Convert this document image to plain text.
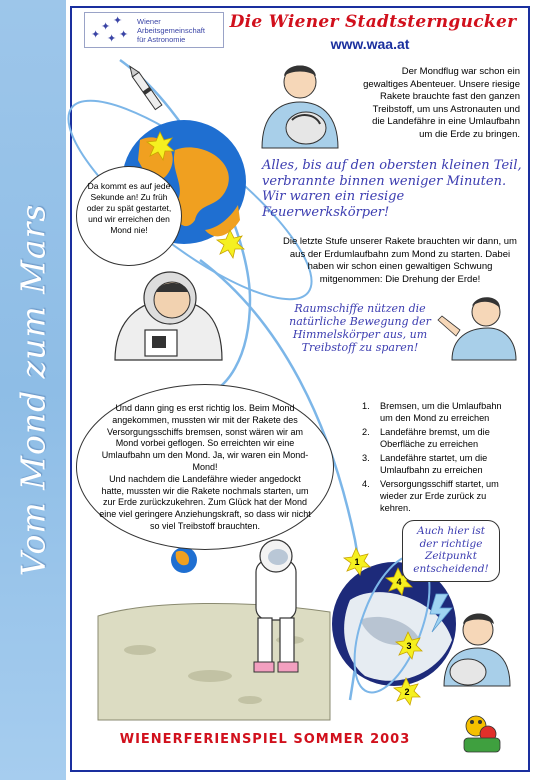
Vom Mond zum Mars	1
4
3
2
✦
✦ ✦
✦
✦
Wiener
Arbeitsgemeinschaft
für Astronomie
Die Wiener Stadtsterngucker
www.waa.at
Der Mondflug war schon ein gewaltiges Abenteuer. Unsere riesige Rakete brauchte fast den ganzen Treibstoff, um uns Astronauten und die Landefähre in eine Umlaufbahn um die Erde zu bringen.
Alles, bis auf den obersten kleinen Teil, verbrannte binnen weniger Minuten. Wir waren ein riesige Feuerwerkskörper!
Da kommt es auf jede Sekunde an! Zu früh oder zu spät gestartet, und wir erreichen den Mond nie!
Die letzte Stufe unserer Rakete brauchten wir dann, um aus der Erdumlaufbahn zum Mond zu starten. Dabei haben wir schon einen gewaltigen Schwung mitgenommen: Die Drehung der Erde!
Raumschiffe nützen die natürliche Bewegung der Himmelskörper aus, um Treibstoff zu sparen!
Und dann ging es erst richtig los. Beim Mond angekommen, mussten wir mit der Rakete des Versorgungsschiffs bremsen, sonst wären wir am Mond vorbei geflogen. So erreichten wir eine Umlaufbahn um den Mond. Ja, wir waren ein Mond-Mond!
Und nachdem die Landefähre wieder angedockt hatte, mussten wir die Rakete nochmals starten, um zur Erde zurückzukehren. Zum Glück hat der Mond eine viel geringere Anziehungskraft, so dass wir nicht so viel Treibstoff brauchten.
1. Bremsen, um die Umlaufbahn um den Mond zu erreichen
2. Landefähre bremst, um die Oberfläche zu erreichen
3. Landefähre startet, um die Umlaufbahn zu erreichen
4. Versorgungsschiff startet, um wieder zur Erde zurück zu kehren.
Auch hier ist der richtige Zeitpunkt entscheidend!
WIENERFERIENSPIEL SOMMER 2003
